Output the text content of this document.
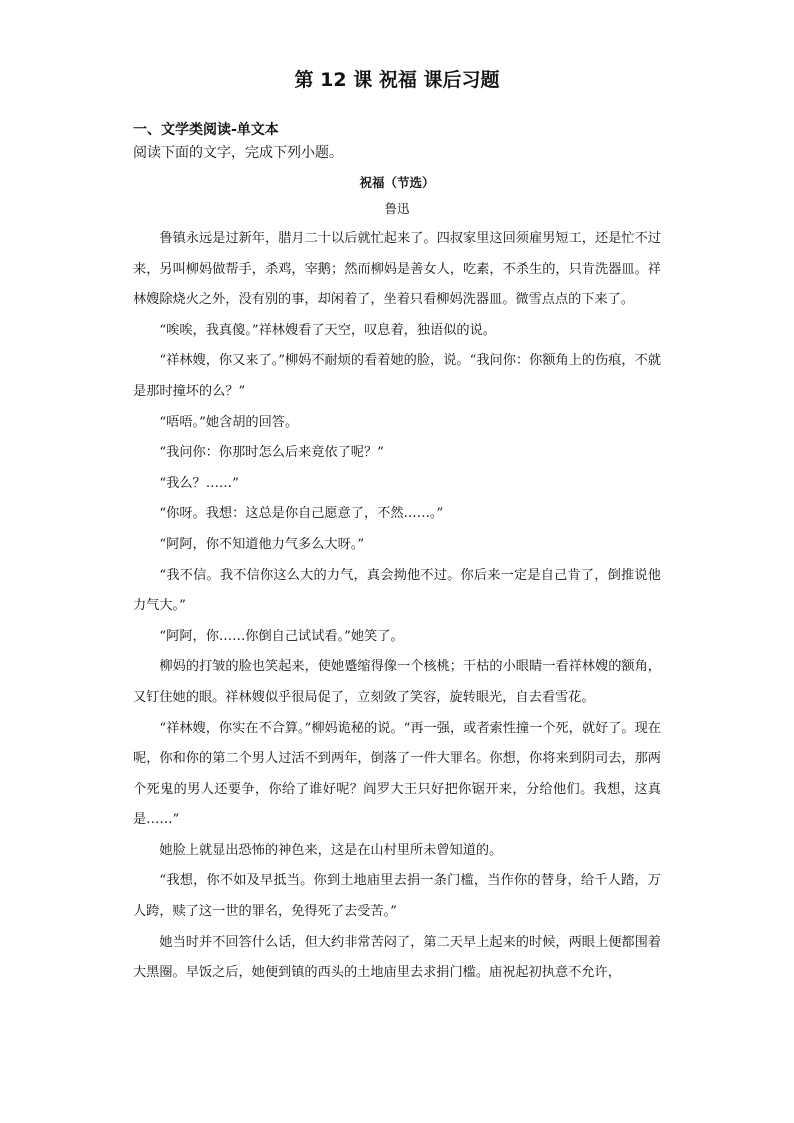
第 12 课 祝福 课后习题
一、文学类阅读-单文本
阅读下面的文字，完成下列小题。
祝福（节选）
鲁迅

鲁镇永远是过新年，腊月二十以后就忙起来了。四叔家里这回须雇男短工，还是忙不过来，另叫柳妈做帮手，杀鸡，宰鹅；然而柳妈是善女人，吃素，不杀生的，只肯洗器皿。祥林嫂除烧火之外，没有别的事，却闲着了，坐着只看柳妈洗器皿。微雪点点的下来了。

“唉唉，我真傻。”祥林嫂看了天空，叹息着，独语似的说。

“祥林嫂，你又来了。”柳妈不耐烦的看着她的脸，说。“我问你：你额角上的伤痕，不就是那时撞坏的么？”

“唔唔。”她含胡的回答。

“我问你：你那时怎么后来竟依了呢？”

“我么？……”

“你呀。我想：这总是你自己愿意了，不然……。”

“阿阿，你不知道他力气多么大呀。”

“我不信。我不信你这么大的力气，真会拗他不过。你后来一定是自己肯了，倒推说他力气大。”

“阿阿，你……你倒自己试试看。”她笑了。

柳妈的打皱的脸也笑起来，使她蹙缩得像一个核桃；干枯的小眼睛一看祥林嫂的额角，又钉住她的眼。祥林嫂似乎很局促了，立刻敛了笑容，旋转眼光，自去看雪花。

“祥林嫂，你实在不合算。”柳妈诡秘的说。“再一强，或者索性撞一个死，就好了。现在呢，你和你的第二个男人过活不到两年，倒落了一件大罪名。你想，你将来到阴司去，那两个死鬼的男人还要争，你给了谁好呢？阎罗大王只好把你锯开来，分给他们。我想，这真是……”

她脸上就显出恐怖的神色来，这是在山村里所未曾知道的。

“我想，你不如及早抵当。你到土地庙里去捐一条门槛，当作你的替身，给千人踏，万人跨，赎了这一世的罪名，免得死了去受苦。”

她当时并不回答什么话，但大约非常苦闷了，第二天早上起来的时候，两眼上便都围着大黑圈。早饭之后，她便到镇的西头的土地庙里去求捐门槛。庙祝起初执意不允许，
